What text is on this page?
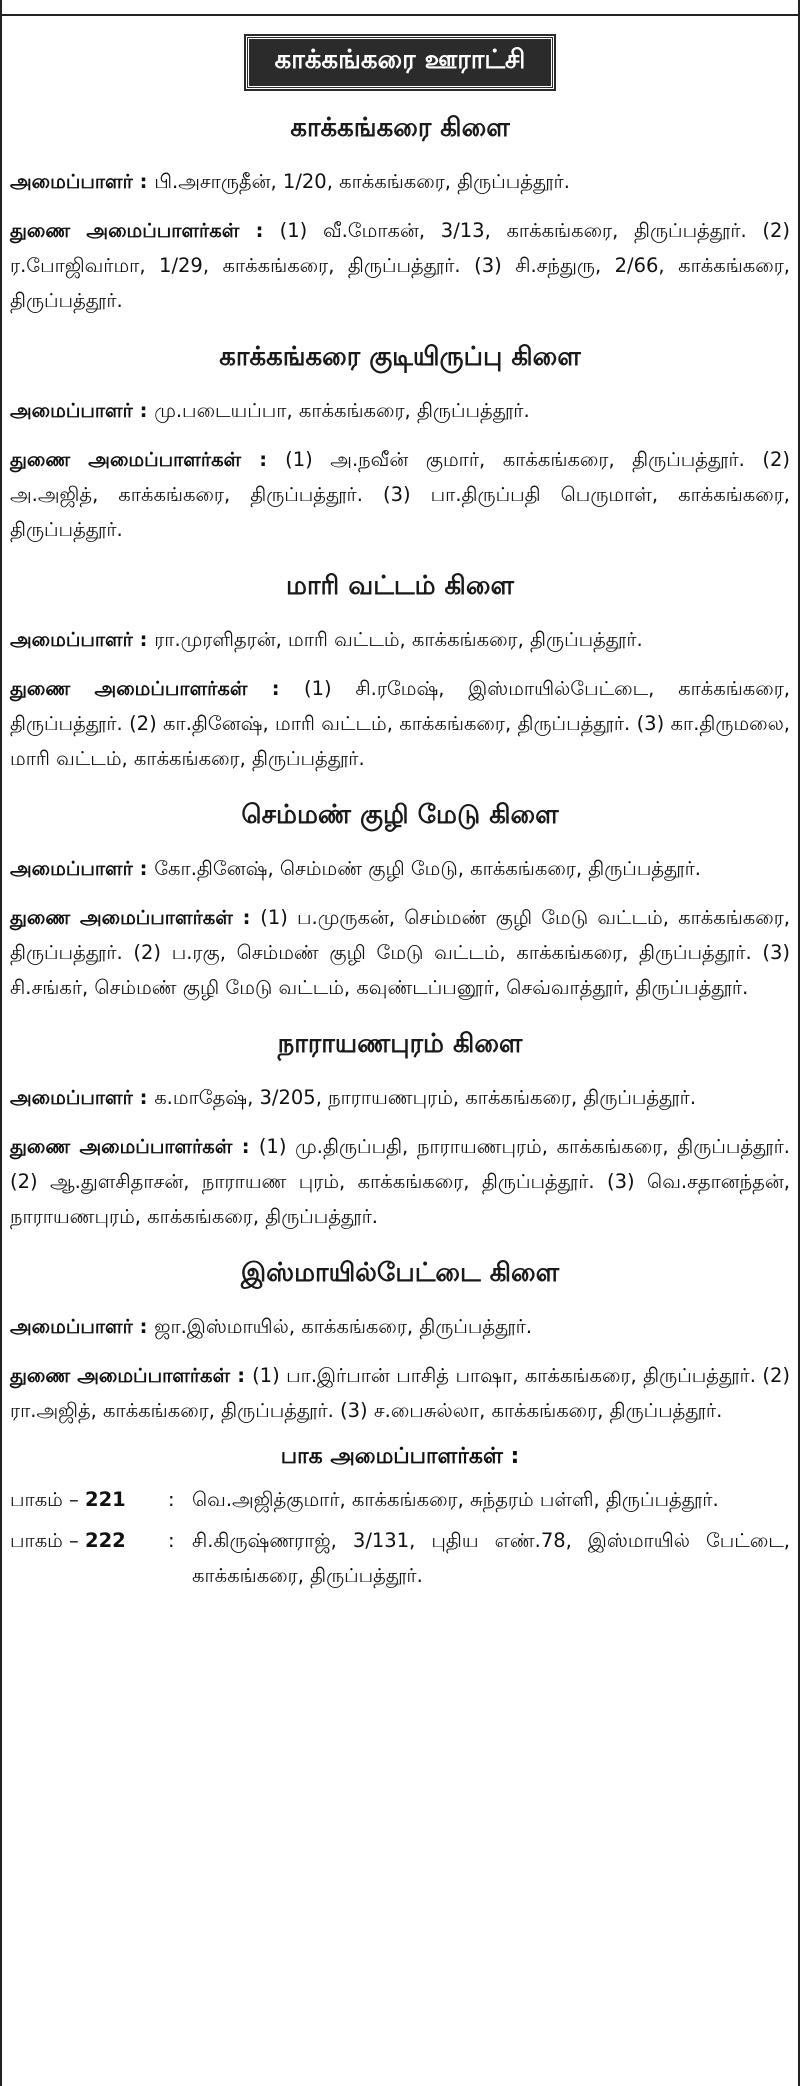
காக்கங்கரை ஊராட்சி
காக்கங்கரை கிளை

அமைப்பாளர் : பி.அசாருதீன், 1/20, காக்கங்கரை, திருப்பத்தூர்.

துணை அமைப்பாளர்கள் : (1) வீ.மோகன், 3/13, காக்கங்கரை, திருப்பத்தூர். (2) ர.போஜிவர்மா, 1/29, காக்கங்கரை, திருப்பத்தூர். (3) சி.சந்துரு, 2/66, காக்கங்கரை, திருப்பத்தூர்.

காக்கங்கரை குடியிருப்பு கிளை

அமைப்பாளர் : மு.படையப்பா, காக்கங்கரை, திருப்பத்தூர்.

துணை அமைப்பாளர்கள் : (1) அ.நவீன் குமார், காக்கங்கரை, திருப்பத்தூர். (2) அ.அஜித், காக்கங்கரை, திருப்பத்தூர். (3) பா.திருப்பதி பெருமாள், காக்கங்கரை, திருப்பத்தூர்.

மாரி வட்டம் கிளை

அமைப்பாளர் : ரா.முரளிதரன், மாரி வட்டம், காக்கங்கரை, திருப்பத்தூர்.

துணை அமைப்பாளர்கள் : (1) சி.ரமேஷ், இஸ்மாயில்பேட்டை, காக்கங்கரை, திருப்பத்தூர். (2) கா.தினேஷ், மாரி வட்டம், காக்கங்கரை, திருப்பத்தூர். (3) கா.திருமலை, மாரி வட்டம், காக்கங்கரை, திருப்பத்தூர்.

செம்மண் குழி மேடு கிளை

அமைப்பாளர் : கோ.தினேஷ், செம்மண் குழி மேடு, காக்கங்கரை, திருப்பத்தூர்.

துணை அமைப்பாளர்கள் : (1) ப.முருகன், செம்மண் குழி மேடு வட்டம், காக்கங்கரை, திருப்பத்தூர். (2) ப.ரகு, செம்மண் குழி மேடு வட்டம், காக்கங்கரை, திருப்பத்தூர். (3) சி.சங்கர், செம்மண் குழி மேடு வட்டம், கவுண்டப்பனூர், செவ்வாத்தூர், திருப்பத்தூர்.

நாராயணபுரம் கிளை

அமைப்பாளர் : க.மாதேஷ், 3/205, நாராயணபுரம், காக்கங்கரை, திருப்பத்தூர்.

துணை அமைப்பாளர்கள் : (1) மு.திருப்பதி, நாராயணபுரம், காக்கங்கரை, திருப்பத்தூர். (2) ஆ.துளசிதாசன், நாராயண புரம், காக்கங்கரை, திருப்பத்தூர். (3) வெ.சதானந்தன், நாராயணபுரம், காக்கங்கரை, திருப்பத்தூர்.

இஸ்மாயில்பேட்டை கிளை

அமைப்பாளர் : ஜா.இஸ்மாயில், காக்கங்கரை, திருப்பத்தூர்.

துணை அமைப்பாளர்கள் : (1) பா.இர்பான் பாசித் பாஷா, காக்கங்கரை, திருப்பத்தூர். (2) ரா.அஜித், காக்கங்கரை, திருப்பத்தூர். (3) ச.பைசுல்லா, காக்கங்கரை, திருப்பத்தூர்.

பாக அமைப்பாளர்கள் :
பாகம் – 221	: வெ.அஜித்குமார், காக்கங்கரை, சுந்தரம் பள்ளி, திருப்பத்தூர்.
பாகம் – 222	: சி.கிருஷ்ணராஜ், 3/131, புதிய எண்.78, இஸ்மாயில் பேட்டை, காக்கங்கரை, திருப்பத்தூர்.
